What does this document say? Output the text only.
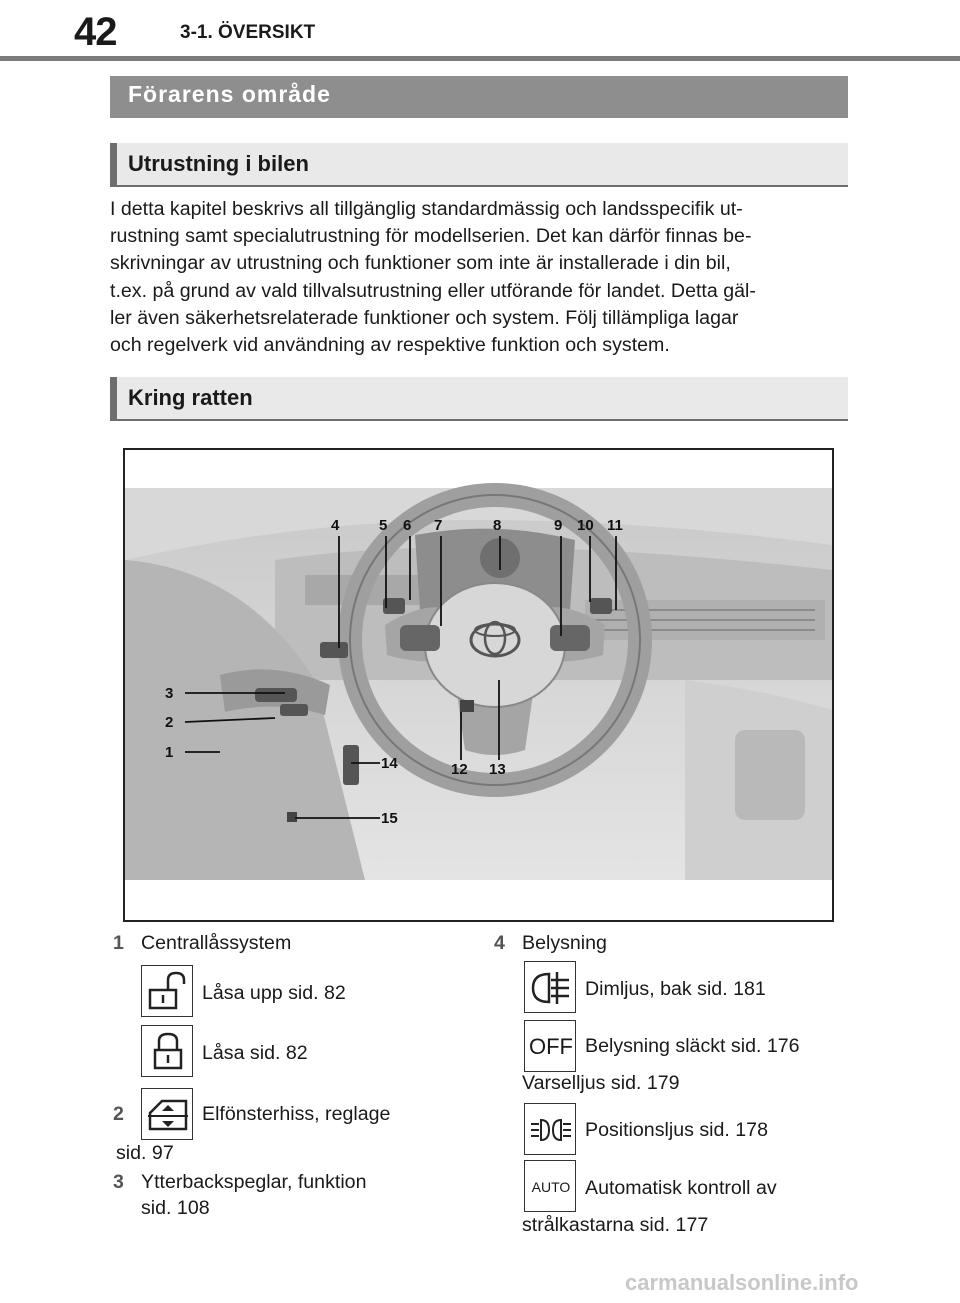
42	3-1. ÖVERSIKT
Förarens område
Utrustning i bilen
I detta kapitel beskrivs all tillgänglig standardmässig och landsspecifik ut-
rustning samt specialutrustning för modellserien. Det kan därför finnas be-
skrivningar av utrustning och funktioner som inte är installerade i din bil,
t.ex. på grund av vald tillvalsutrustning eller utförande för landet. Detta gäl-
ler även säkerhetsrelaterade funktioner och system. Följ tillämpliga lagar
och regelverk vid användning av respektive funktion och system.
Kring ratten
4	5 6 7	8	9 10 11
3
2
1
12 13
14
15
1 Centrallåssystem
Låsa upp sid. 82
Låsa sid. 82
2	Elfönsterhiss, reglage
sid. 97
3 Ytterbackspeglar, funktion
sid. 108
4 Belysning
Dimljus, bak sid. 181
OFF Belysning släckt sid. 176
Varselljus sid. 179
Positionsljus sid. 178
AUTO Automatisk kontroll av
strålkastarna sid. 177
carmanualsonline.info
